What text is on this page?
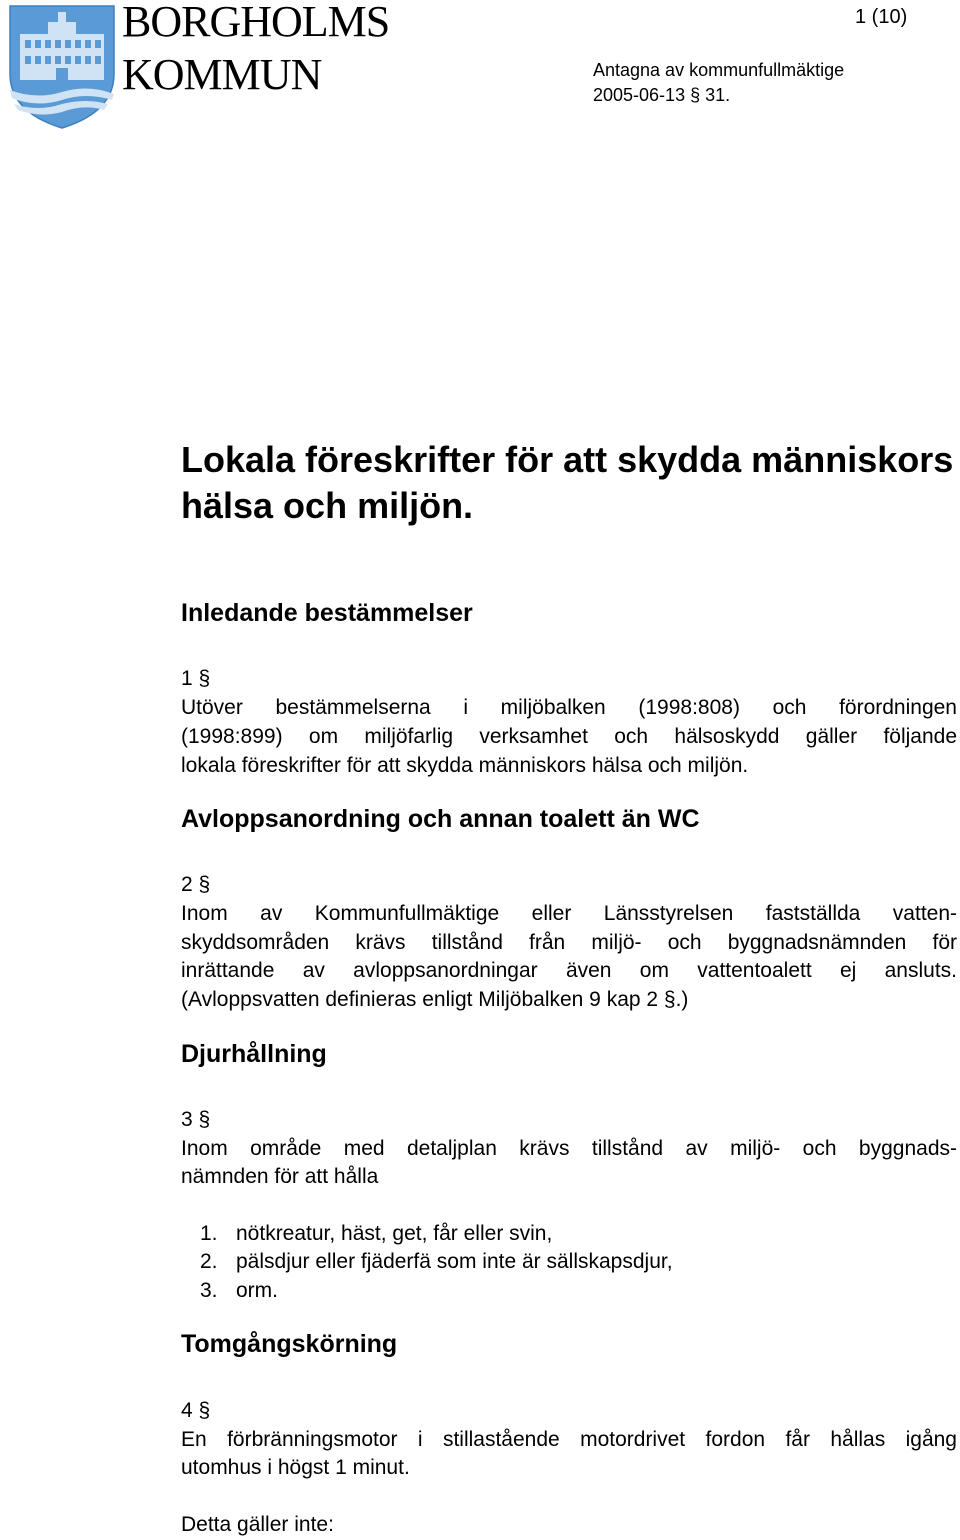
BORGHOLMS
KOMMUN
1 (10)
Antagna av kommunfullmäktige
2005-06-13 § 31.
Lokala föreskrifter för att skydda människors hälsa och miljön.
Inledande bestämmelser
1 §
Utöver bestämmelserna i miljöbalken (1998:808) och förordningen
(1998:899) om miljöfarlig verksamhet och hälsoskydd gäller följande
lokala föreskrifter för att skydda människors hälsa och miljön.
Avloppsanordning och annan toalett än WC
2 §
Inom av Kommunfullmäktige eller Länsstyrelsen fastställda vatten-
skyddsområden krävs tillstånd från miljö- och byggnadsnämnden för
inrättande av avloppsanordningar även om vattentoalett ej ansluts.
(Avloppsvatten definieras enligt Miljöbalken 9 kap 2 §.)
Djurhållning
3 §
Inom område med detaljplan krävs tillstånd av miljö- och byggnads-
nämnden för att hålla
1. nötkreatur, häst, get, får eller svin,
2. pälsdjur eller fjäderfä som inte är sällskapsdjur,
3. orm.
Tomgångskörning
4 §
En förbränningsmotor i stillastående motordrivet fordon får hållas igång
utomhus i högst 1 minut.
Detta gäller inte:
